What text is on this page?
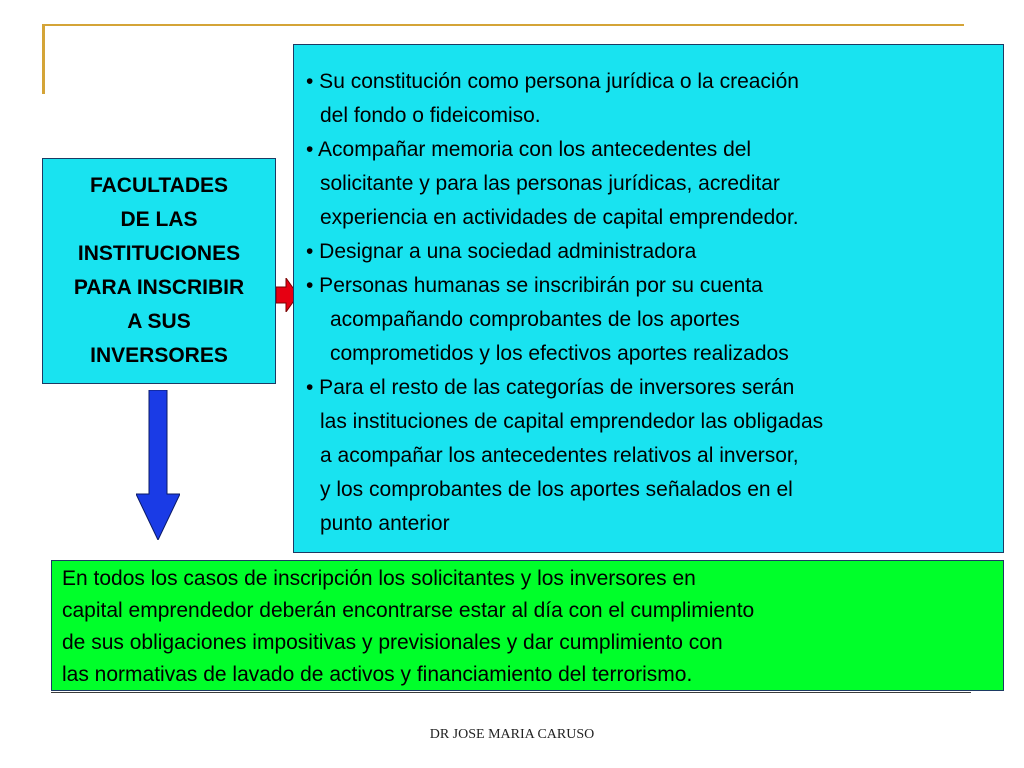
FACULTADES
DE LAS
INSTITUCIONES
PARA INSCRIBIR
A SUS
INVERSORES

• Su constitución como persona jurídica o la creación
del fondo o fideicomiso.
• Acompañar memoria con los antecedentes del
solicitante y para las personas jurídicas, acreditar
experiencia en actividades de capital emprendedor.
• Designar a una sociedad administradora
• Personas humanas se inscribirán por su cuenta
acompañando comprobantes de los aportes
comprometidos y los efectivos aportes realizados
• Para el resto de las categorías de inversores serán
las instituciones de capital emprendedor las obligadas
a acompañar los antecedentes relativos al inversor,
y los comprobantes de los aportes señalados en el
punto anterior

En todos los casos de inscripción los solicitantes y los inversores en
capital emprendedor deberán encontrarse estar al día con el cumplimiento
de sus obligaciones impositivas y previsionales y dar cumplimiento con
las normativas de lavado de activos y financiamiento del terrorismo.

DR JOSE MARIA CARUSO
